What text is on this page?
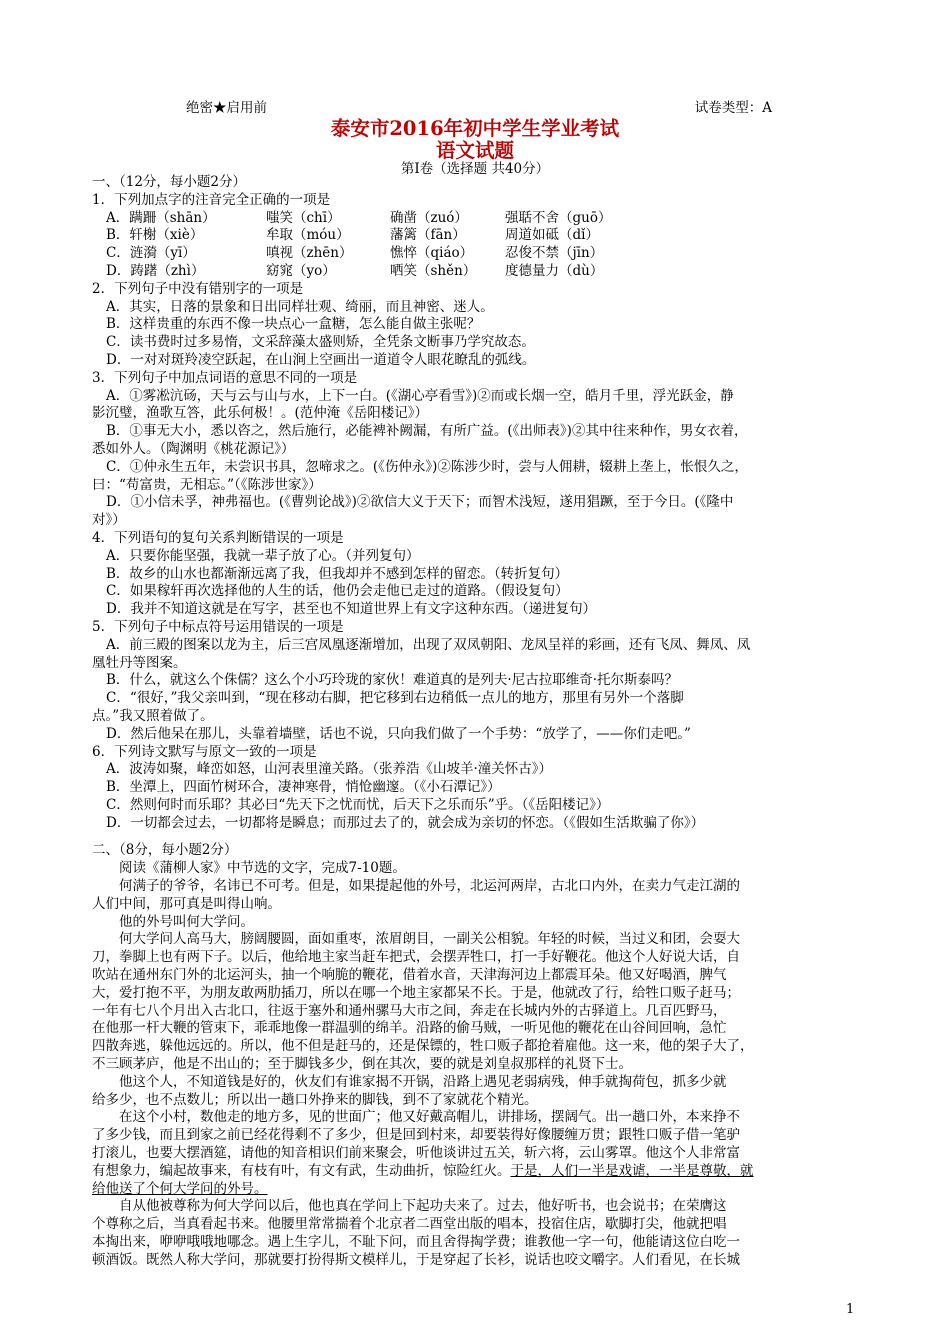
绝密★启用前	试卷类型：A
泰安市2016年初中学生学业考试
语文试题
第Ⅰ卷（选择题 共40分）
一、（12分，每小题2分）
1．下列加点字的注音完全正确的一项是
A．蹒跚（shān）	嗤笑（chī）	确凿（zuó）	强聒不舍（guō）
B．轩榭（xiè）	牟取（móu）	藩篱（fān）	周道如砥（dǐ）
C．涟漪（yī）	嗔视（zhēn）	憔悴（qiáo）	忍俊不禁（jīn）
D．踌躇（zhì）	窈窕（yo）	哂笑（shěn）	度德量力（dù）
2．下列句子中没有错别字的一项是
A．其实，日落的景象和日出同样壮观、绮丽，而且神密、迷人。
B．这样贵重的东西不像一块点心一盒糖，怎么能自做主张呢？
C．读书费时过多易惰，文采辞藻太盛则矫，全凭条文断事乃学究故态。
D．一对对斑羚凌空跃起，在山涧上空画出一道道令人眼花瞭乱的弧线。
3．下列句子中加点词语的意思不同的一项是
A．①雾凇沆砀，天与云与山与水，上下一白。(《湖心亭看雪》)②而或长烟一空，皓月千里，浮光跃金，静
影沉璧，渔歌互答，此乐何极！。(范仲淹《岳阳楼记》）
B．①事无大小，悉以咨之，然后施行，必能裨补阙漏，有所广益。(《出师表》)②其中往来种作，男女衣着，
悉如外人。（陶渊明《桃花源记》）
C．①仲永生五年，未尝识书具，忽啼求之。(《伤仲永》)②陈涉少时，尝与人佣耕，辍耕上垄上，怅恨久之，
曰：“苟富贵，无相忘。”（《陈涉世家》）
D．①小信未孚，神弗福也。(《曹刿论战》)②欲信大义于天下；而智术浅短，遂用猖蹶，至于今日。(《隆中
对》）
4．下列语句的复句关系判断错误的一项是
A．只要你能坚强，我就一辈子放了心。（并列复句）
B．故乡的山水也都渐渐远离了我，但我却并不感到怎样的留恋。（转折复句）
C．如果稼轩再次选择他的人生的话，他仍会走他已走过的道路。（假设复句）
D．我并不知道这就是在写字，甚至也不知道世界上有文字这种东西。（递进复句）
5．下列句子中标点符号运用错误的一项是
A．前三殿的图案以龙为主，后三宫凤凰逐渐增加，出现了双凤朝阳、龙凤呈祥的彩画，还有飞凤、舞凤、凤
凰牡丹等图案。
B．什么，就这么个侏儒？这么个小巧玲珑的家伙！难道真的是列夫·尼古拉耶维奇·托尔斯泰吗？
C．“很好，”我父亲叫到，“现在移动右脚，把它移到右边稍低一点儿的地方，那里有另外一个落脚
点。”我又照着做了。
D．然后他呆在那儿，头靠着墙壁，话也不说，只向我们做了一个手势：“放学了，——你们走吧。”
6．下列诗文默写与原文一致的一项是
A．波涛如聚，峰峦如怒，山河表里潼关路。（张养浩《山坡羊·潼关怀古》）
B．坐潭上，四面竹树环合，凄神寒骨，悄怆幽邃。（《小石潭记》）
C．然则何时而乐耶？其必曰“先天下之忧而忧，后天下之乐而乐”乎。（《岳阳楼记》）
D．一切都会过去，一切都将是瞬息；而那过去了的，就会成为亲切的怀恋。（《假如生活欺骗了你》）
二、（8分，每小题2分）
阅读《蒲柳人家》中节选的文字，完成7-10题。
何满子的爷爷，名讳已不可考。但是，如果提起他的外号，北运河两岸，古北口内外，在卖力气走江湖的
人们中间，那可真是叫得山响。
他的外号叫何大学问。
何大学问人高马大，膀阔腰圆，面如重枣，浓眉朗目，一副关公相貌。年轻的时候，当过义和团，会耍大
刀，拳脚上也有两下子。以后，他给地主家当赶车把式，会摆弄牲口，打一手好鞭花。他这个人好说大话，自
吹站在通州东门外的北运河头，抽一个响脆的鞭花，借着水音，天津海河边上都震耳朵。他又好喝酒，脾气
大，爱打抱不平，为朋友敢两肋插刀，所以在哪一个地主家都呆不长。于是，他就改了行，给牲口贩子赶马；
一年有七八个月出入古北口，往返于塞外和通州骡马大市之间，奔走在长城内外的古驿道上。几百匹野马，
在他那一杆大鞭的管束下，乖乖地像一群温驯的绵羊。沿路的偷马贼，一听见他的鞭花在山谷间回响，急忙
四散奔逃，躲他远远的。所以，他不但是赶马的，还是保镖的，牲口贩子都抢着雇他。这一来，他的架子大了，
不三顾茅庐，他是不出山的；至于脚钱多少，倒在其次，要的就是刘皇叔那样的礼贤下士。
他这个人，不知道钱是好的，伙友们有谁家揭不开锅，沿路上遇见老弱病残，伸手就掏荷包，抓多少就
给多少，也不点数儿；所以出一趟口外挣来的脚钱，到不了家就花个精光。
在这个小村，数他走的地方多，见的世面广；他又好戴高帽儿，讲排场，摆阔气。出一趟口外，本来挣不
了多少钱，而且到家之前已经花得剩不了多少，但是回到村来，却要装得好像腰缠万贯；跟牲口贩子借一笔驴
打滚儿，也要大摆酒筵，请他的知音相识们前来聚会，听他谈讲过五关，斩六将，云山雾罩。他这个人非常富
有想象力，编起故事来，有枝有叶，有文有武，生动曲折，惊险红火。于是，人们一半是戏谑，一半是尊敬，就
给他送了个何大学问的外号。
自从他被尊称为何大学问以后，他也真在学问上下起功夫来了。过去，他好听书，也会说书；在荣膺这
个尊称之后，当真看起书来。他腰里常常揣着个北京者二酉堂出版的唱本，投宿住店，歇脚打尖，他就把唱
本掏出来，咿咿哦哦地哪念。遇上生字儿，不耻下问，而且舍得掏学费；谁教他一字一句，他能请这位白吃一
顿酒饭。既然人称大学问，那就要打扮得斯文模样儿，于是穿起了长衫，说话也咬文嚼字。人们看见，在长城
1
